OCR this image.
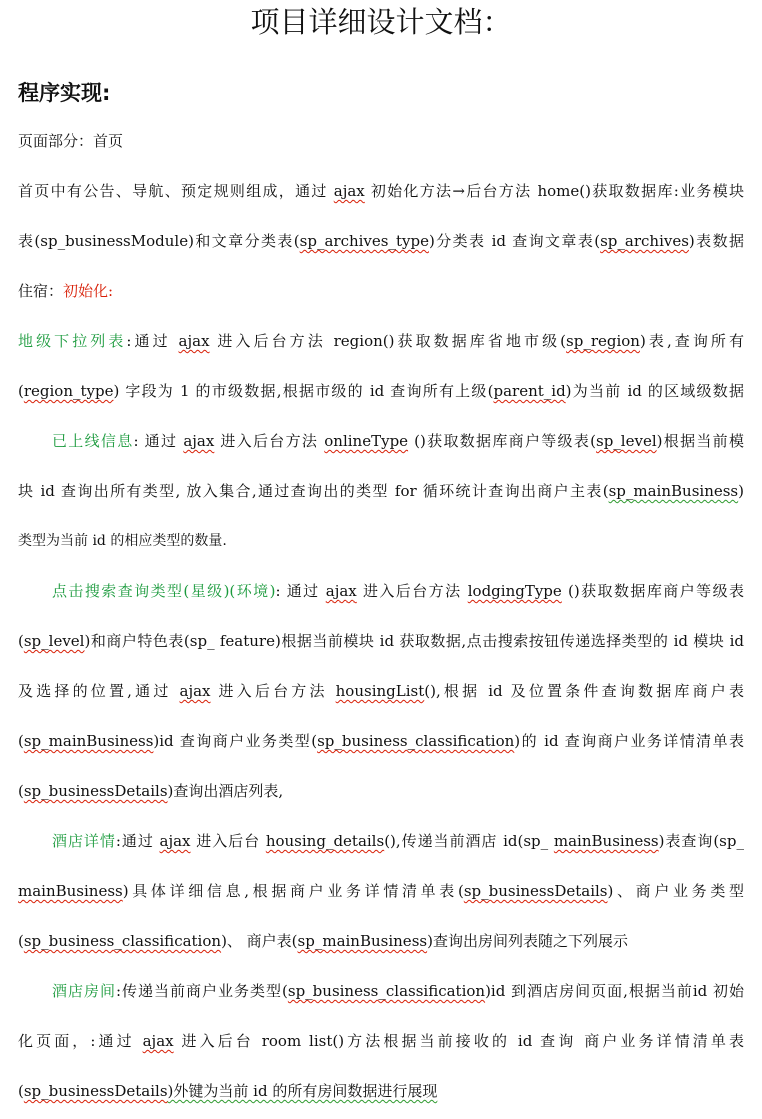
项目详细设计文档：
程序实现:
页面部分：首页
首页中有公告、导航、预定规则组成，通过 ajax 初始化方法→后台方法 home()获取数据库:业务模块
表(sp_businessModule)和文章分类表(sp_archives_type)分类表 id 查询文章表(sp_archives)表数据
住宿：初始化:
地级下拉列表:通过 ajax 进入后台方法 region()获取数据库省地市级(sp_region)表,查询所有
(region_type) 字段为 1 的市级数据,根据市级的 id 查询所有上级(parent_id)为当前 id 的区域级数据
已上线信息: 通过 ajax 进入后台方法 onlineType ()获取数据库商户等级表(sp_level)根据当前模
块 id 查询出所有类型, 放入集合,通过查询出的类型 for 循环统计查询出商户主表(sp_mainBusiness)
类型为当前 id 的相应类型的数量.
点击搜索查询类型(星级)(环境): 通过 ajax 进入后台方法 lodgingType ()获取数据库商户等级表
(sp_level)和商户特色表(sp_ feature)根据当前模块 id 获取数据,点击搜索按钮传递选择类型的 id 模块 id
及选择的位置,通过 ajax 进入后台方法 housingList(),根据 id 及位置条件查询数据库商户表
(sp_mainBusiness)id 查询商户业务类型(sp_business_classification)的 id 查询商户业务详情清单表
(sp_businessDetails)查询出酒店列表,
酒店详情:通过 ajax 进入后台 housing_details(),传递当前酒店 id(sp_ mainBusiness)表查询(sp_
mainBusiness)具体详细信息,根据商户业务详情清单表(sp_businessDetails)、商户业务类型
(sp_business_classification)、 商户表(sp_mainBusiness)查询出房间列表随之下列展示
酒店房间:传递当前商户业务类型(sp_business_classification)id 到酒店房间页面,根据当前id 初始
化页面，:通过 ajax 进入后台 room list()方法根据当前接收的 id 查询 商户业务详情清单表
(sp_businessDetails)外键为当前 id 的所有房间数据进行展现
